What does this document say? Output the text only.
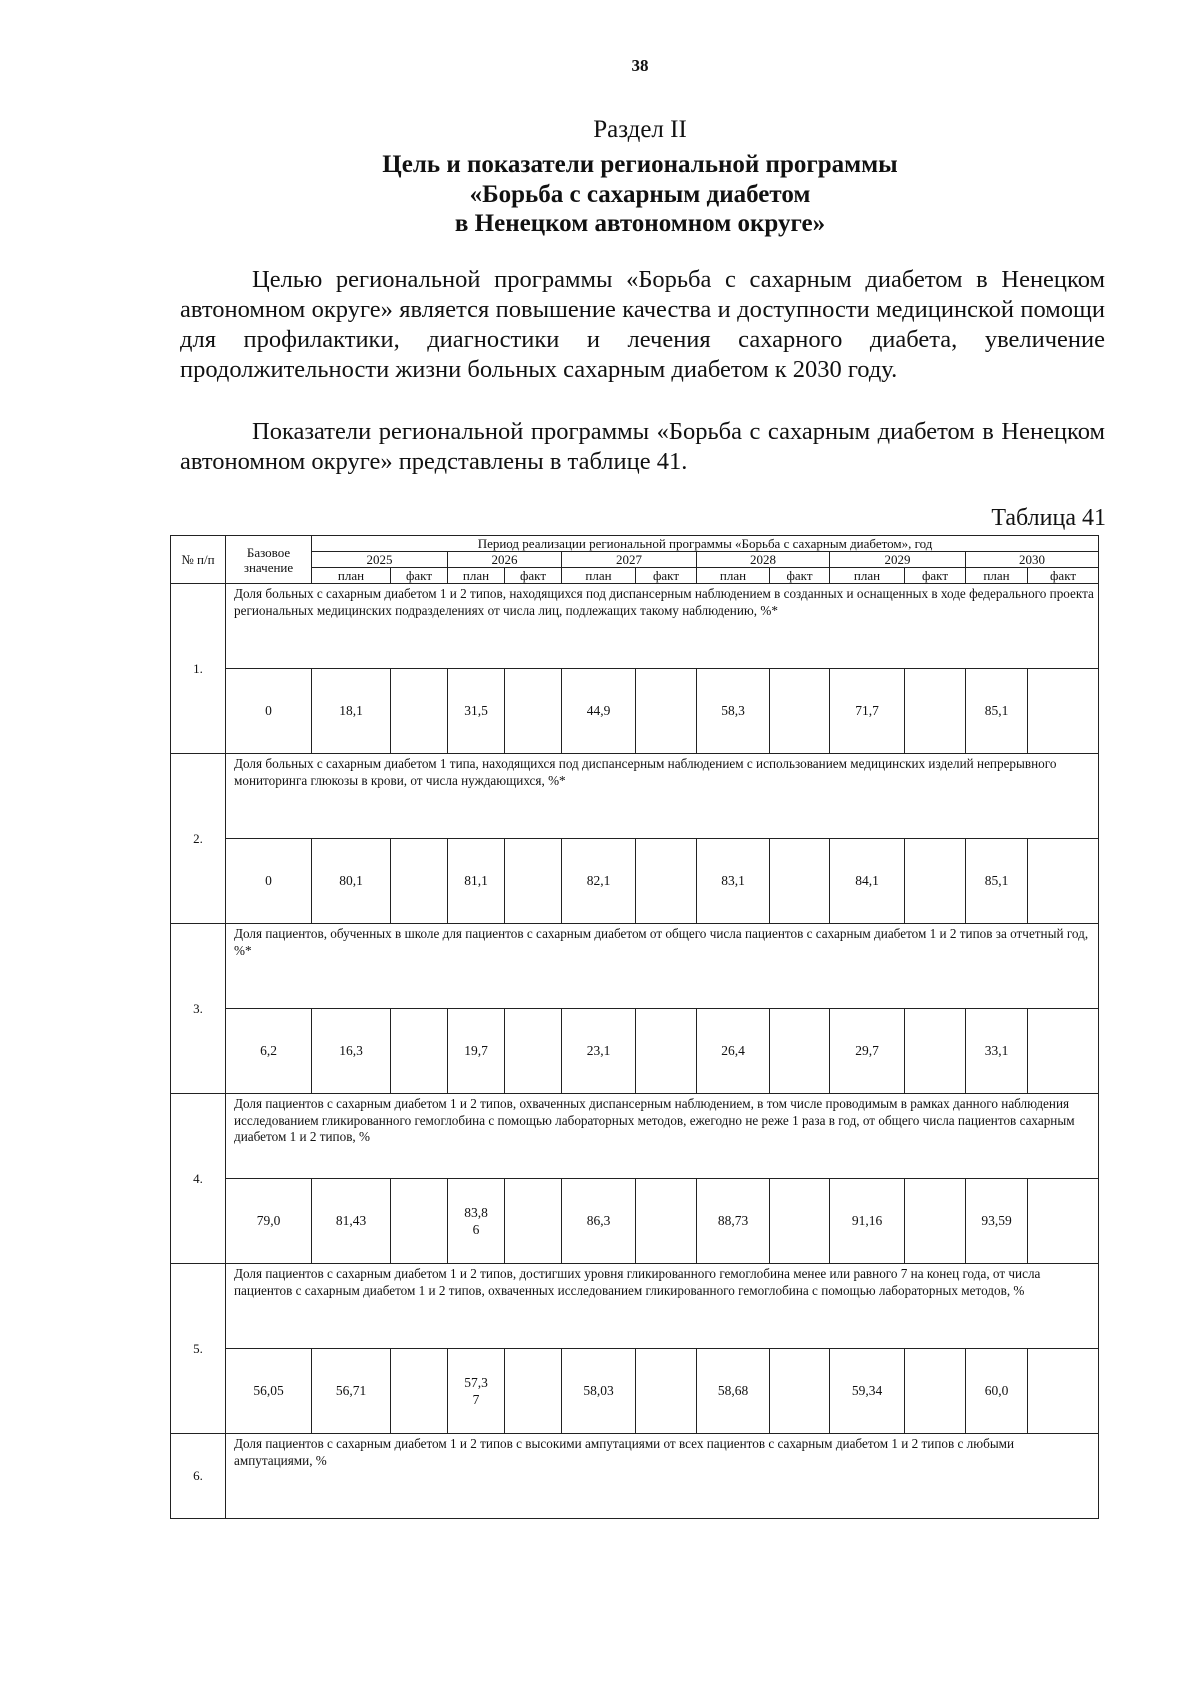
38
Раздел II
Цель и показатели региональной программы
«Борьба с сахарным диабетом
в Ненецком автономном округе»
Целью региональной программы «Борьба с сахарным диабетом в Ненецком автономном округе» является повышение качества и доступности медицинской помощи для профилактики, диагностики и лечения сахарного диабета, увеличение продолжительности жизни больных сахарным диабетом к 2030 году.
Показатели региональной программы «Борьба с сахарным диабетом в Ненецком автономном округе» представлены в таблице 41.
Таблица 41
№ п/п	Базовое значение	Период реализации региональной программы «Борьба с сахарным диабетом», год											
		2025		2026		2027		2028		2029		2030	
		план	факт	план	факт	план	факт	план	факт	план	факт	план	факт
1.	Доля больных с сахарным диабетом 1 и 2 типов, находящихся под диспансерным наблюдением в созданных и оснащенных в ходе федерального проекта региональных медицинских подразделениях от числа лиц, подлежащих такому наблюдению, %*												
	0	18,1		31,5		44,9		58,3		71,7		85,1	
2.	Доля больных с сахарным диабетом 1 типа, находящихся под диспансерным наблюдением с использованием медицинских изделий непрерывного мониторинга глюкозы в крови, от числа нуждающихся, %*												
	0	80,1		81,1		82,1		83,1		84,1		85,1	
3.	Доля пациентов, обученных в школе для пациентов с сахарным диабетом от общего числа пациентов с сахарным диабетом 1 и 2 типов за отчетный год, %*												
	6,2	16,3		19,7		23,1		26,4		29,7		33,1	
4.	Доля пациентов с сахарным диабетом 1 и 2 типов, охваченных диспансерным наблюдением, в том числе проводимым в рамках данного наблюдения исследованием гликированного гемоглобина с помощью лабораторных методов, ежегодно не реже 1 раза в год, от общего числа пациентов сахарным диабетом 1 и 2 типов, %												
	79,0	81,43		83,86		86,3		88,73		91,16		93,59	
5.	Доля пациентов с сахарным диабетом 1 и 2 типов, достигших уровня гликированного гемоглобина менее или равного 7 на конец года, от числа пациентов с сахарным диабетом 1 и 2 типов, охваченных исследованием гликированного гемоглобина с помощью лабораторных методов, %												
	56,05	56,71		57,37		58,03		58,68		59,34		60,0	
6.	Доля пациентов с сахарным диабетом 1 и 2 типов с высокими ампутациями от всех пациентов с сахарным диабетом 1 и 2 типов с любыми ампутациями, %												
